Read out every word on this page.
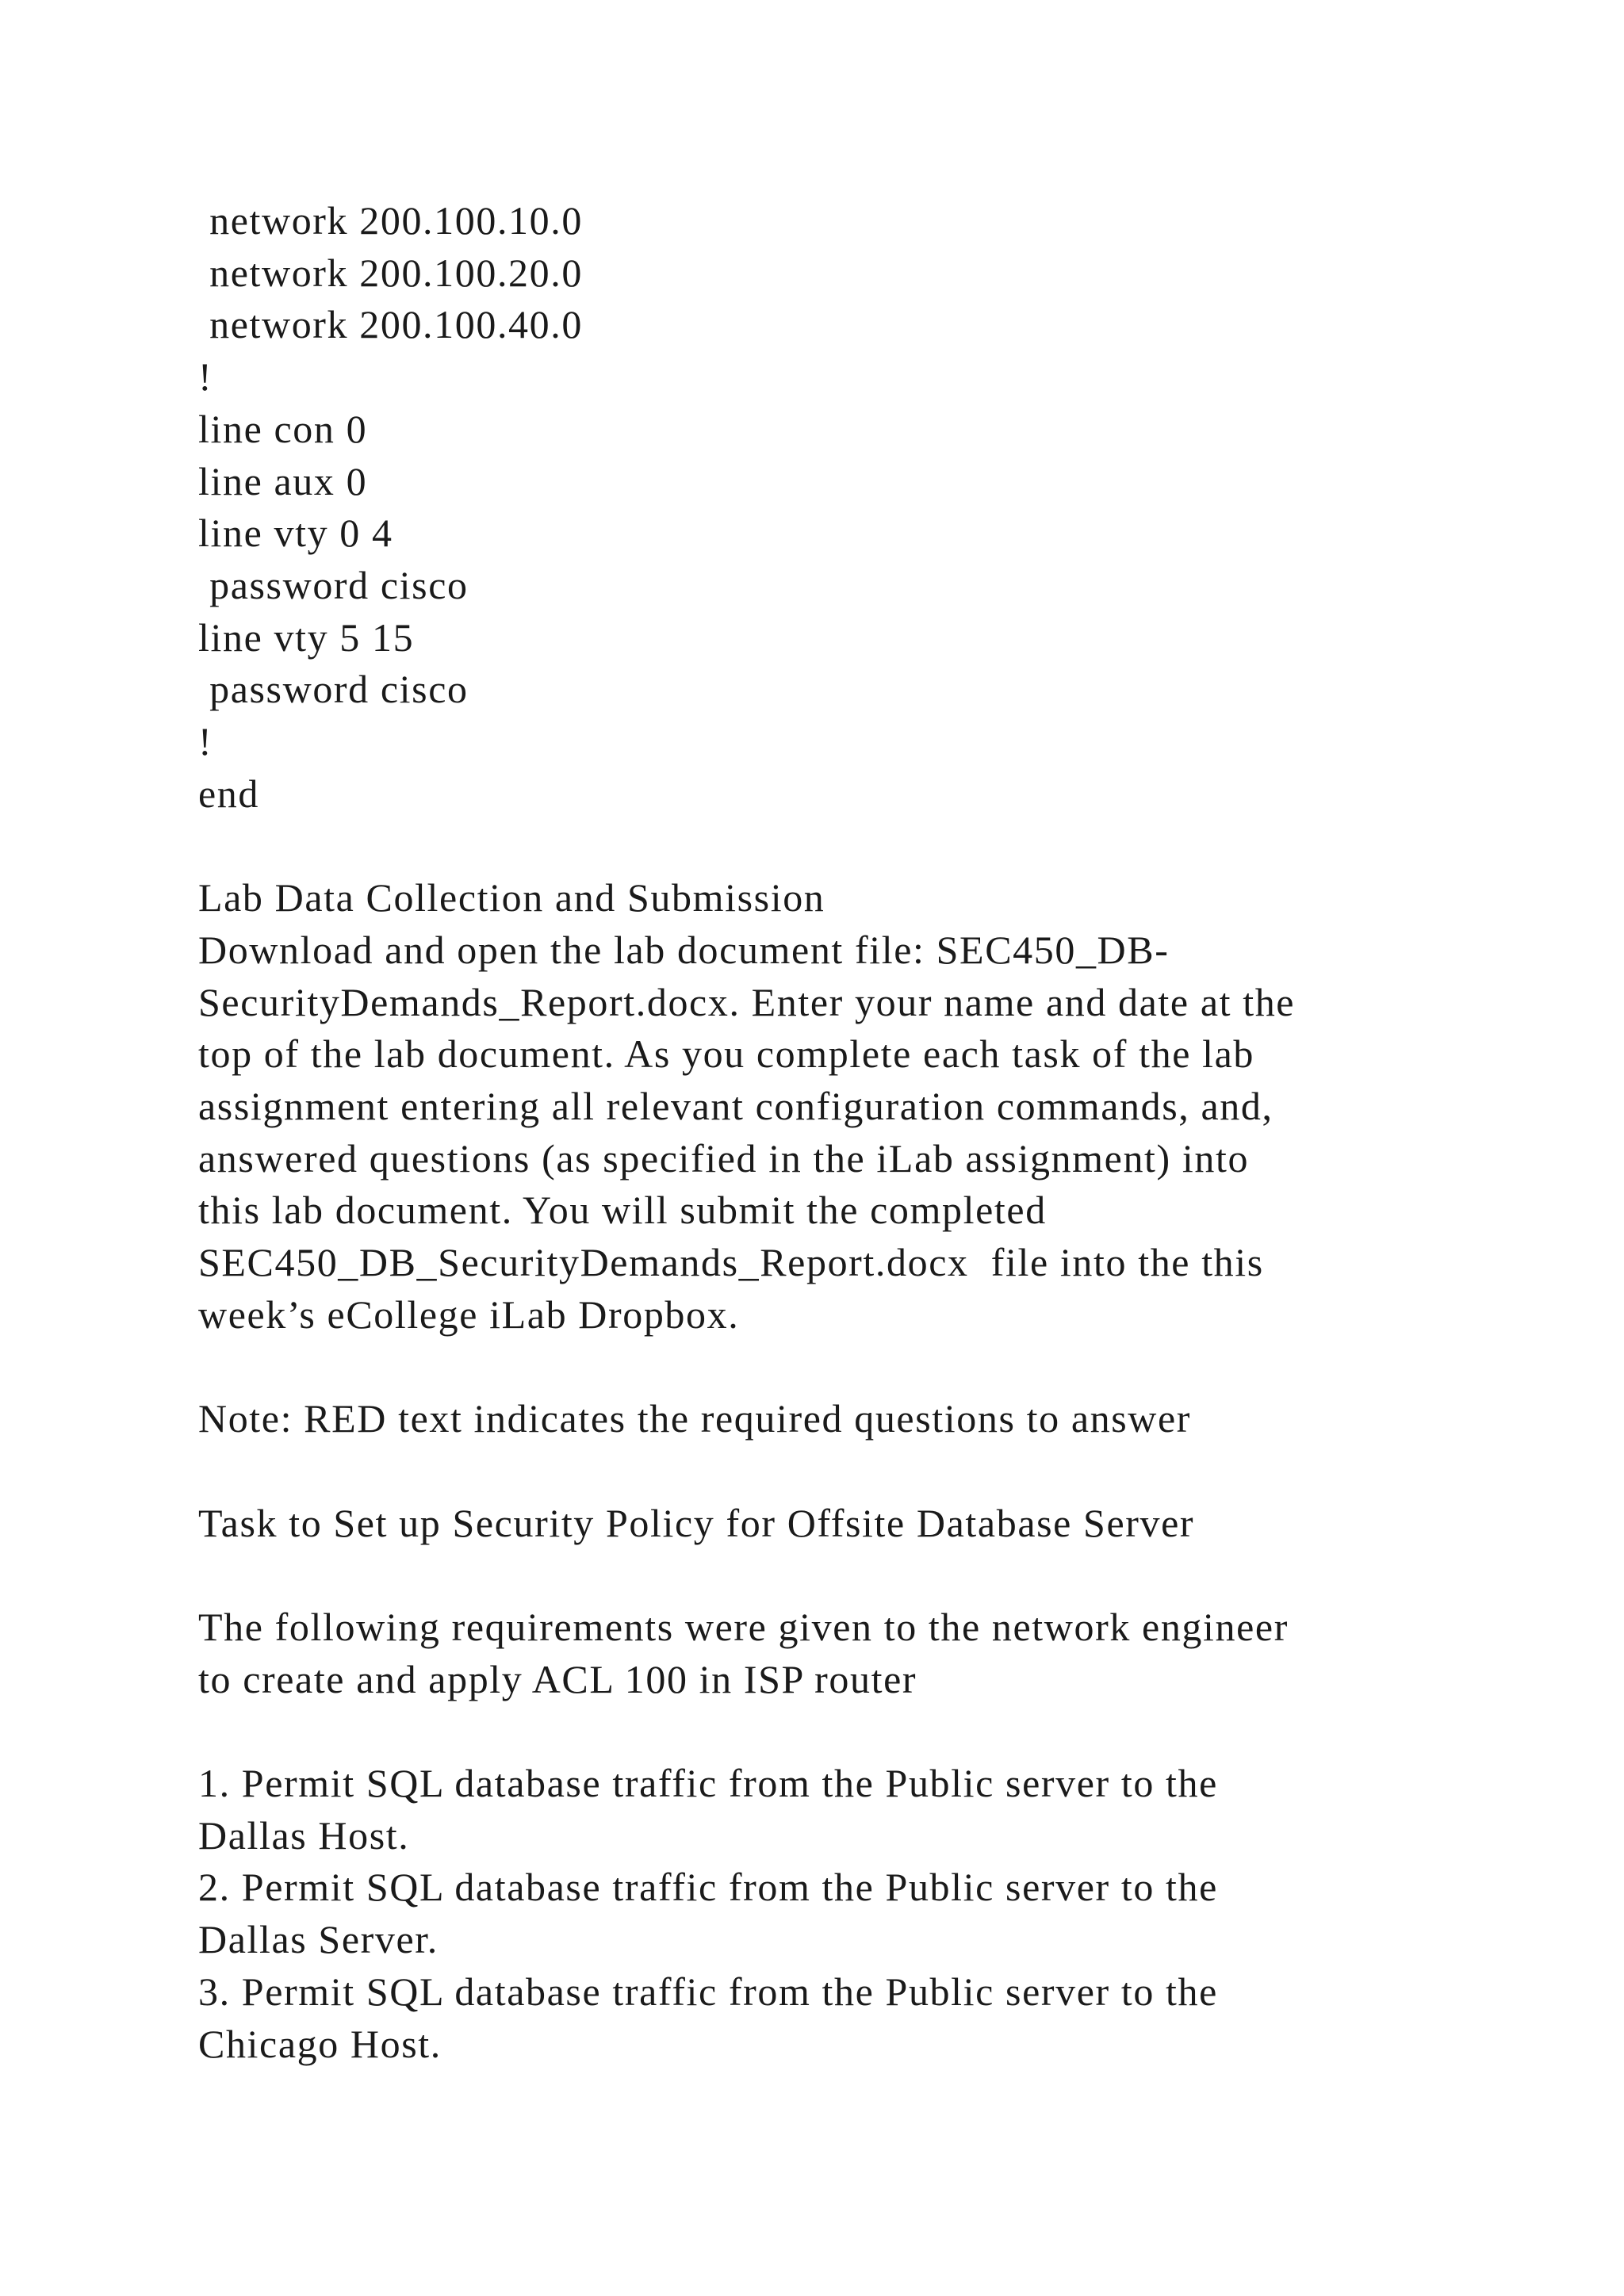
network 200.100.10.0
network 200.100.20.0
network 200.100.40.0
!
line con 0
line aux 0
line vty 0 4
password cisco
line vty 5 15
password cisco
!
end
Lab Data Collection and Submission
Download and open the lab document file: SEC450_DB-
SecurityDemands_Report.docx. Enter your name and date at the
top of the lab document. As you complete each task of the lab
assignment entering all relevant configuration commands, and,
answered questions (as specified in the iLab assignment) into
this lab document. You will submit the completed
SEC450_DB_SecurityDemands_Report.docx  file into the this
week’s eCollege iLab Dropbox.
Note: RED text indicates the required questions to answer
Task to Set up Security Policy for Offsite Database Server
The following requirements were given to the network engineer
to create and apply ACL 100 in ISP router
1. Permit SQL database traffic from the Public server to the
Dallas Host.
2. Permit SQL database traffic from the Public server to the
Dallas Server.
3. Permit SQL database traffic from the Public server to the
Chicago Host.
